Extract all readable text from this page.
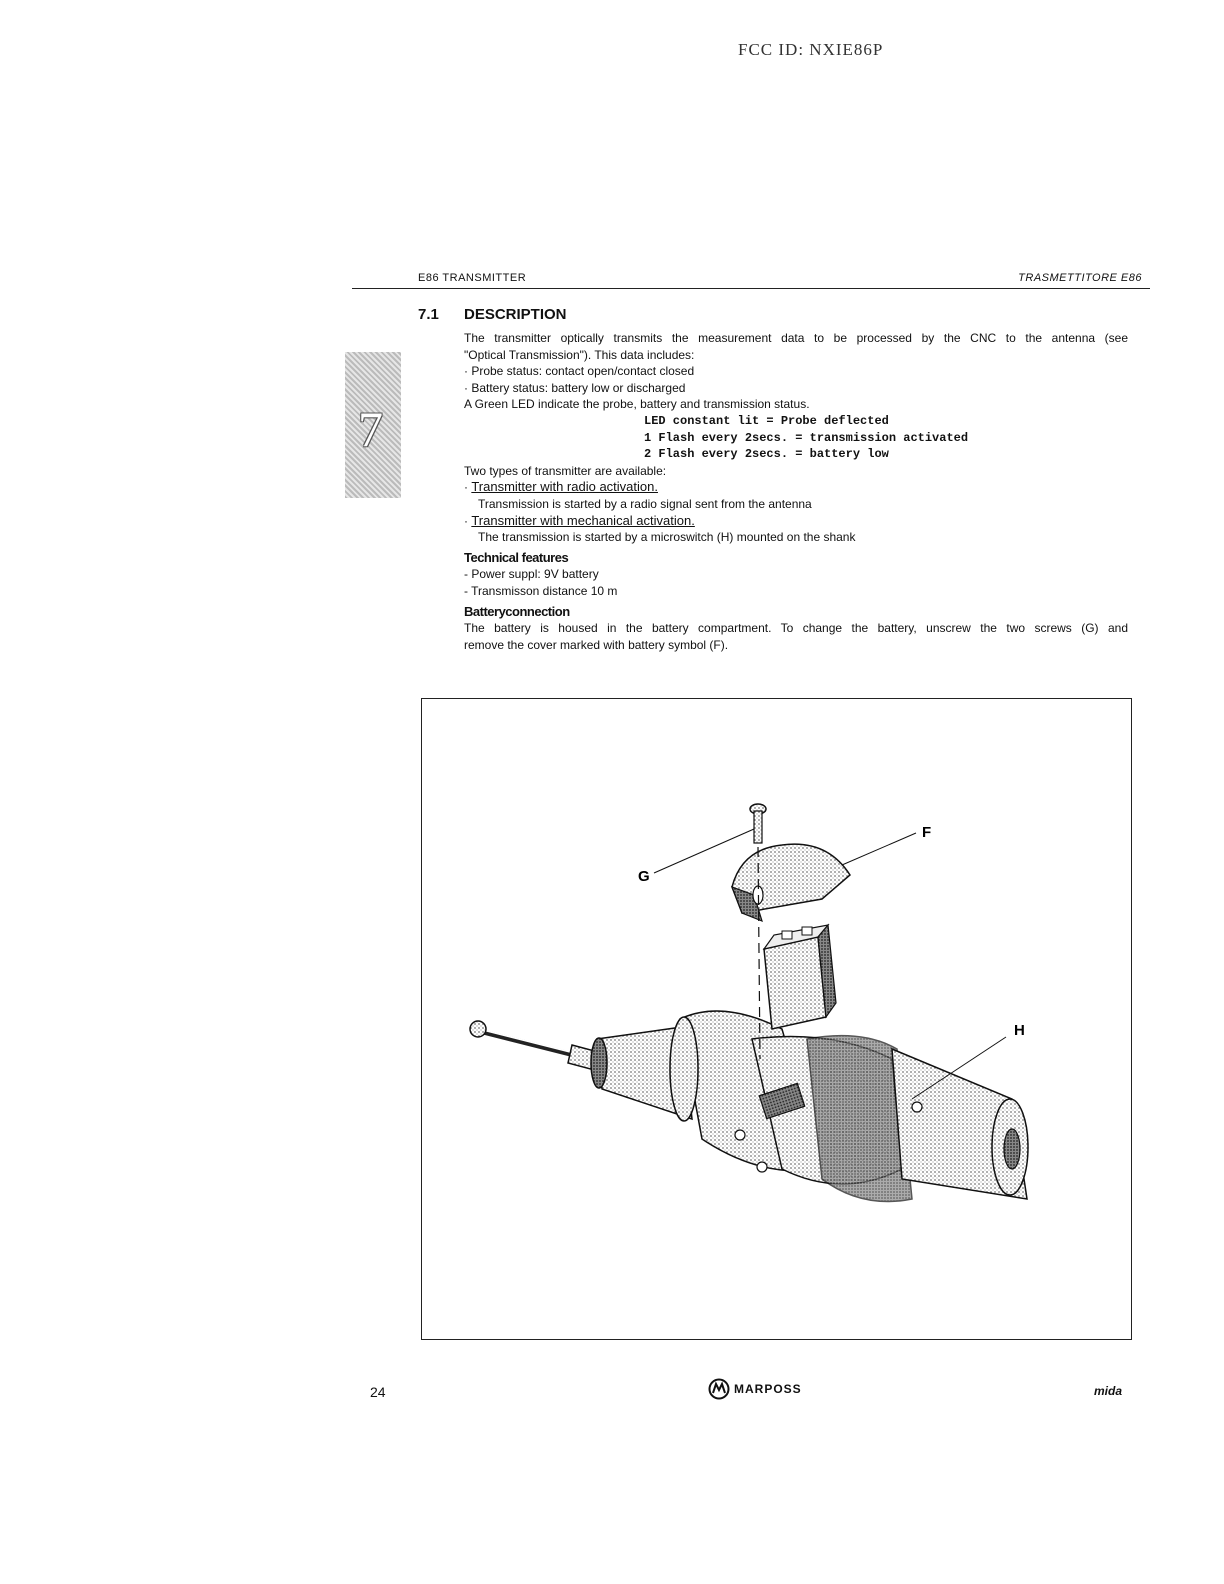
FCC ID: NXIE86P
E86 TRANSMITTER	TRASMETTITORE E86
7
7.1 DESCRIPTION

The transmitter optically transmits the measurement data to be processed by the CNC to the antenna (see

"Optical Transmission"). This data includes:

· Probe status: contact open/contact closed

· Battery status: battery low or discharged

A Green LED indicate the probe, battery and transmission status.

LED constant lit = Probe deflected

1 Flash every 2secs. = transmission activated

2 Flash every 2secs. = battery low

Two types of transmitter are available:

· Transmitter with radio activation.

Transmission is started by a radio signal sent from the antenna

· Transmitter with mechanical activation.

The transmission is started by a microswitch (H) mounted on the shank

Technical features

- Power suppl: 9V battery

- Transmisson distance 10 m

Batteryconnection

The battery is housed in the battery compartment. To change the battery, unscrew the two screws (G) and

remove the cover marked with battery symbol (F).

G
F
H
24	MARPOSS	mida
